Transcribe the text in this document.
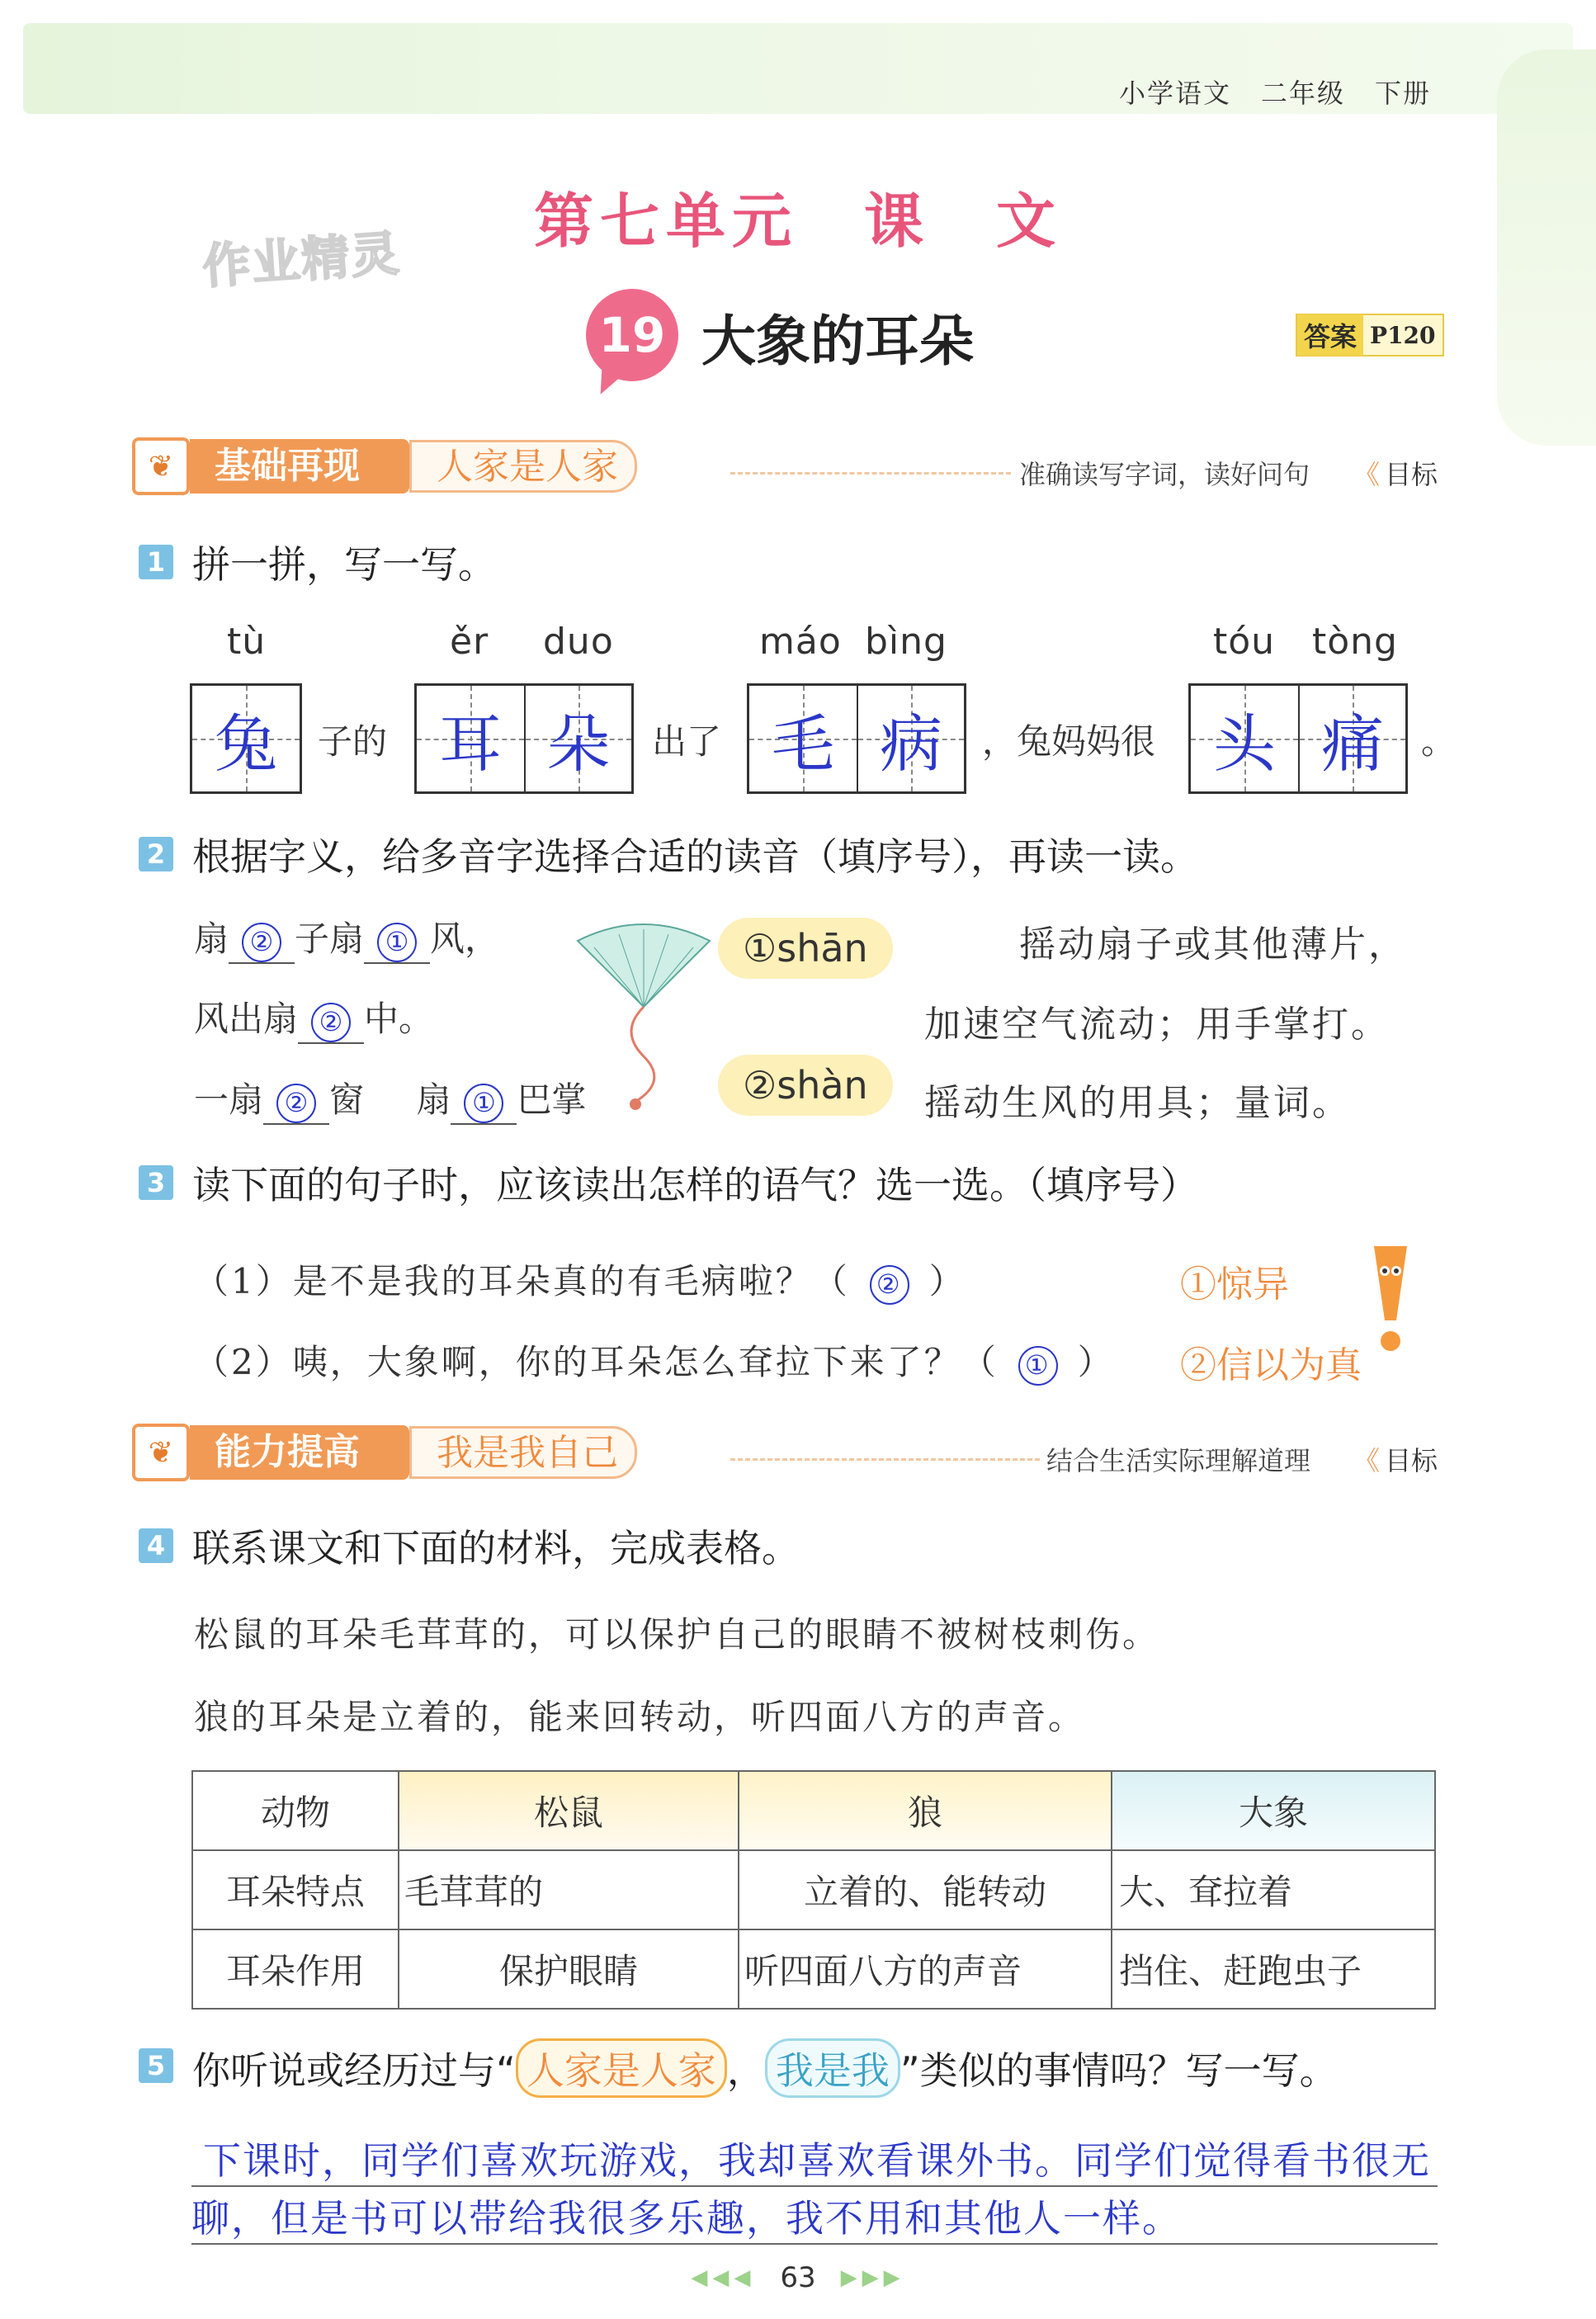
小学语文 二年级 下册
作业精灵
第七单元　课　文
19 大象的耳朵	答案 P120
❦	基础再现	人家是人家	准确读写字词，读好问句 《 目标
1 拼一拼，写一写。
tù	ěr duo	máo bìng	tóu tòng
兔 子的 耳 朵 出了 毛 病 ，兔妈妈很 头 痛 。
2 根据字义，给多音字选择合适的读音（填序号），再读一读。
扇 ② 子扇 ① 风，
风出扇 ② 中。
一扇 ② 窗 扇 ① 巴掌
①shān
②shàn
摇动扇子或其他薄片，
加速空气流动；用手掌打。
摇动生风的用具；量词。
3 读下面的句子时，应该读出怎样的语气？选一选。（填序号）
（1）是不是我的耳朵真的有毛病啦？（ ② ）
（2）咦，大象啊，你的耳朵怎么耷拉下来了？（ ① ）
①惊异
②信以为真
❦	能力提高	我是我自己	结合生活实际理解道理 《 目标
4 联系课文和下面的材料，完成表格。
松鼠的耳朵毛茸茸的，可以保护自己的眼睛不被树枝刺伤。
狼的耳朵是立着的，能来回转动，听四面八方的声音。
动物	松鼠	狼	大象
耳朵特点	毛茸茸的	立着的、能转动	大、耷拉着
耳朵作用	保护眼睛	听四面八方的声音	挡住、赶跑虫子
5 你听说或经历过与“ 人家是人家 ， 我是我 ”类似的事情吗？写一写。
下课时，同学们喜欢玩游戏，我却喜欢看课外书。同学们觉得看书很无
聊，但是书可以带给我很多乐趣，我不用和其他人一样。
◀◀◀ 63 ▶▶▶
